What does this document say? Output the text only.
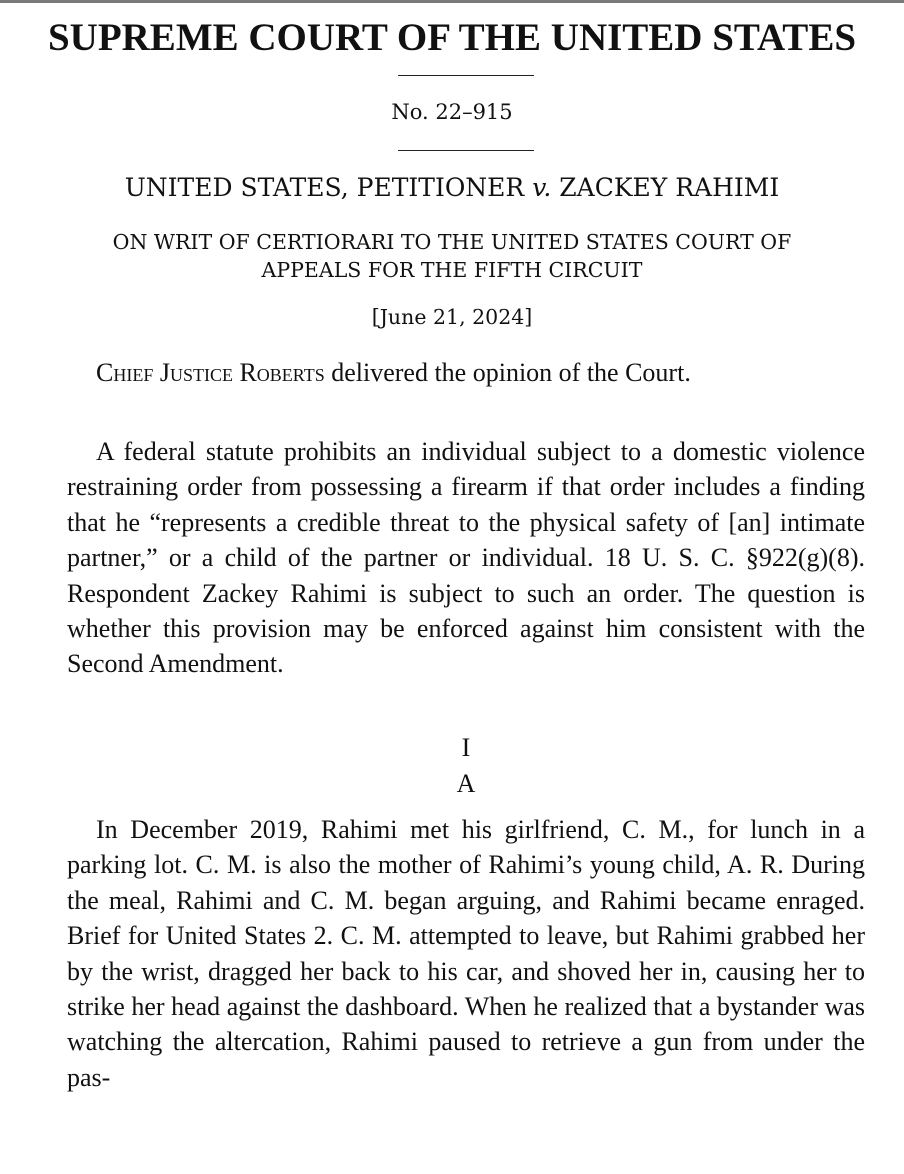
SUPREME COURT OF THE UNITED STATES
No. 22–915
UNITED STATES, PETITIONER v. ZACKEY RAHIMI
ON WRIT OF CERTIORARI TO THE UNITED STATES COURT OF
APPEALS FOR THE FIFTH CIRCUIT
[June 21, 2024]

Chief Justice Roberts delivered the opinion of the Court.

A federal statute prohibits an individual subject to a domestic violence restraining order from possessing a firearm if that order includes a finding that he “represents a credible threat to the physical safety of [an] intimate partner,” or a child of the partner or individual. 18 U. S. C. §922(g)(8). Respondent Zackey Rahimi is subject to such an order. The question is whether this provision may be enforced against him consistent with the Second Amendment.

I
A

In December 2019, Rahimi met his girlfriend, C. M., for lunch in a parking lot. C. M. is also the mother of Rahimi’s young child, A. R. During the meal, Rahimi and C. M. began arguing, and Rahimi became enraged. Brief for United States 2. C. M. attempted to leave, but Rahimi grabbed her by the wrist, dragged her back to his car, and shoved her in, causing her to strike her head against the dashboard. When he realized that a bystander was watching the altercation, Rahimi paused to retrieve a gun from under the pas-
